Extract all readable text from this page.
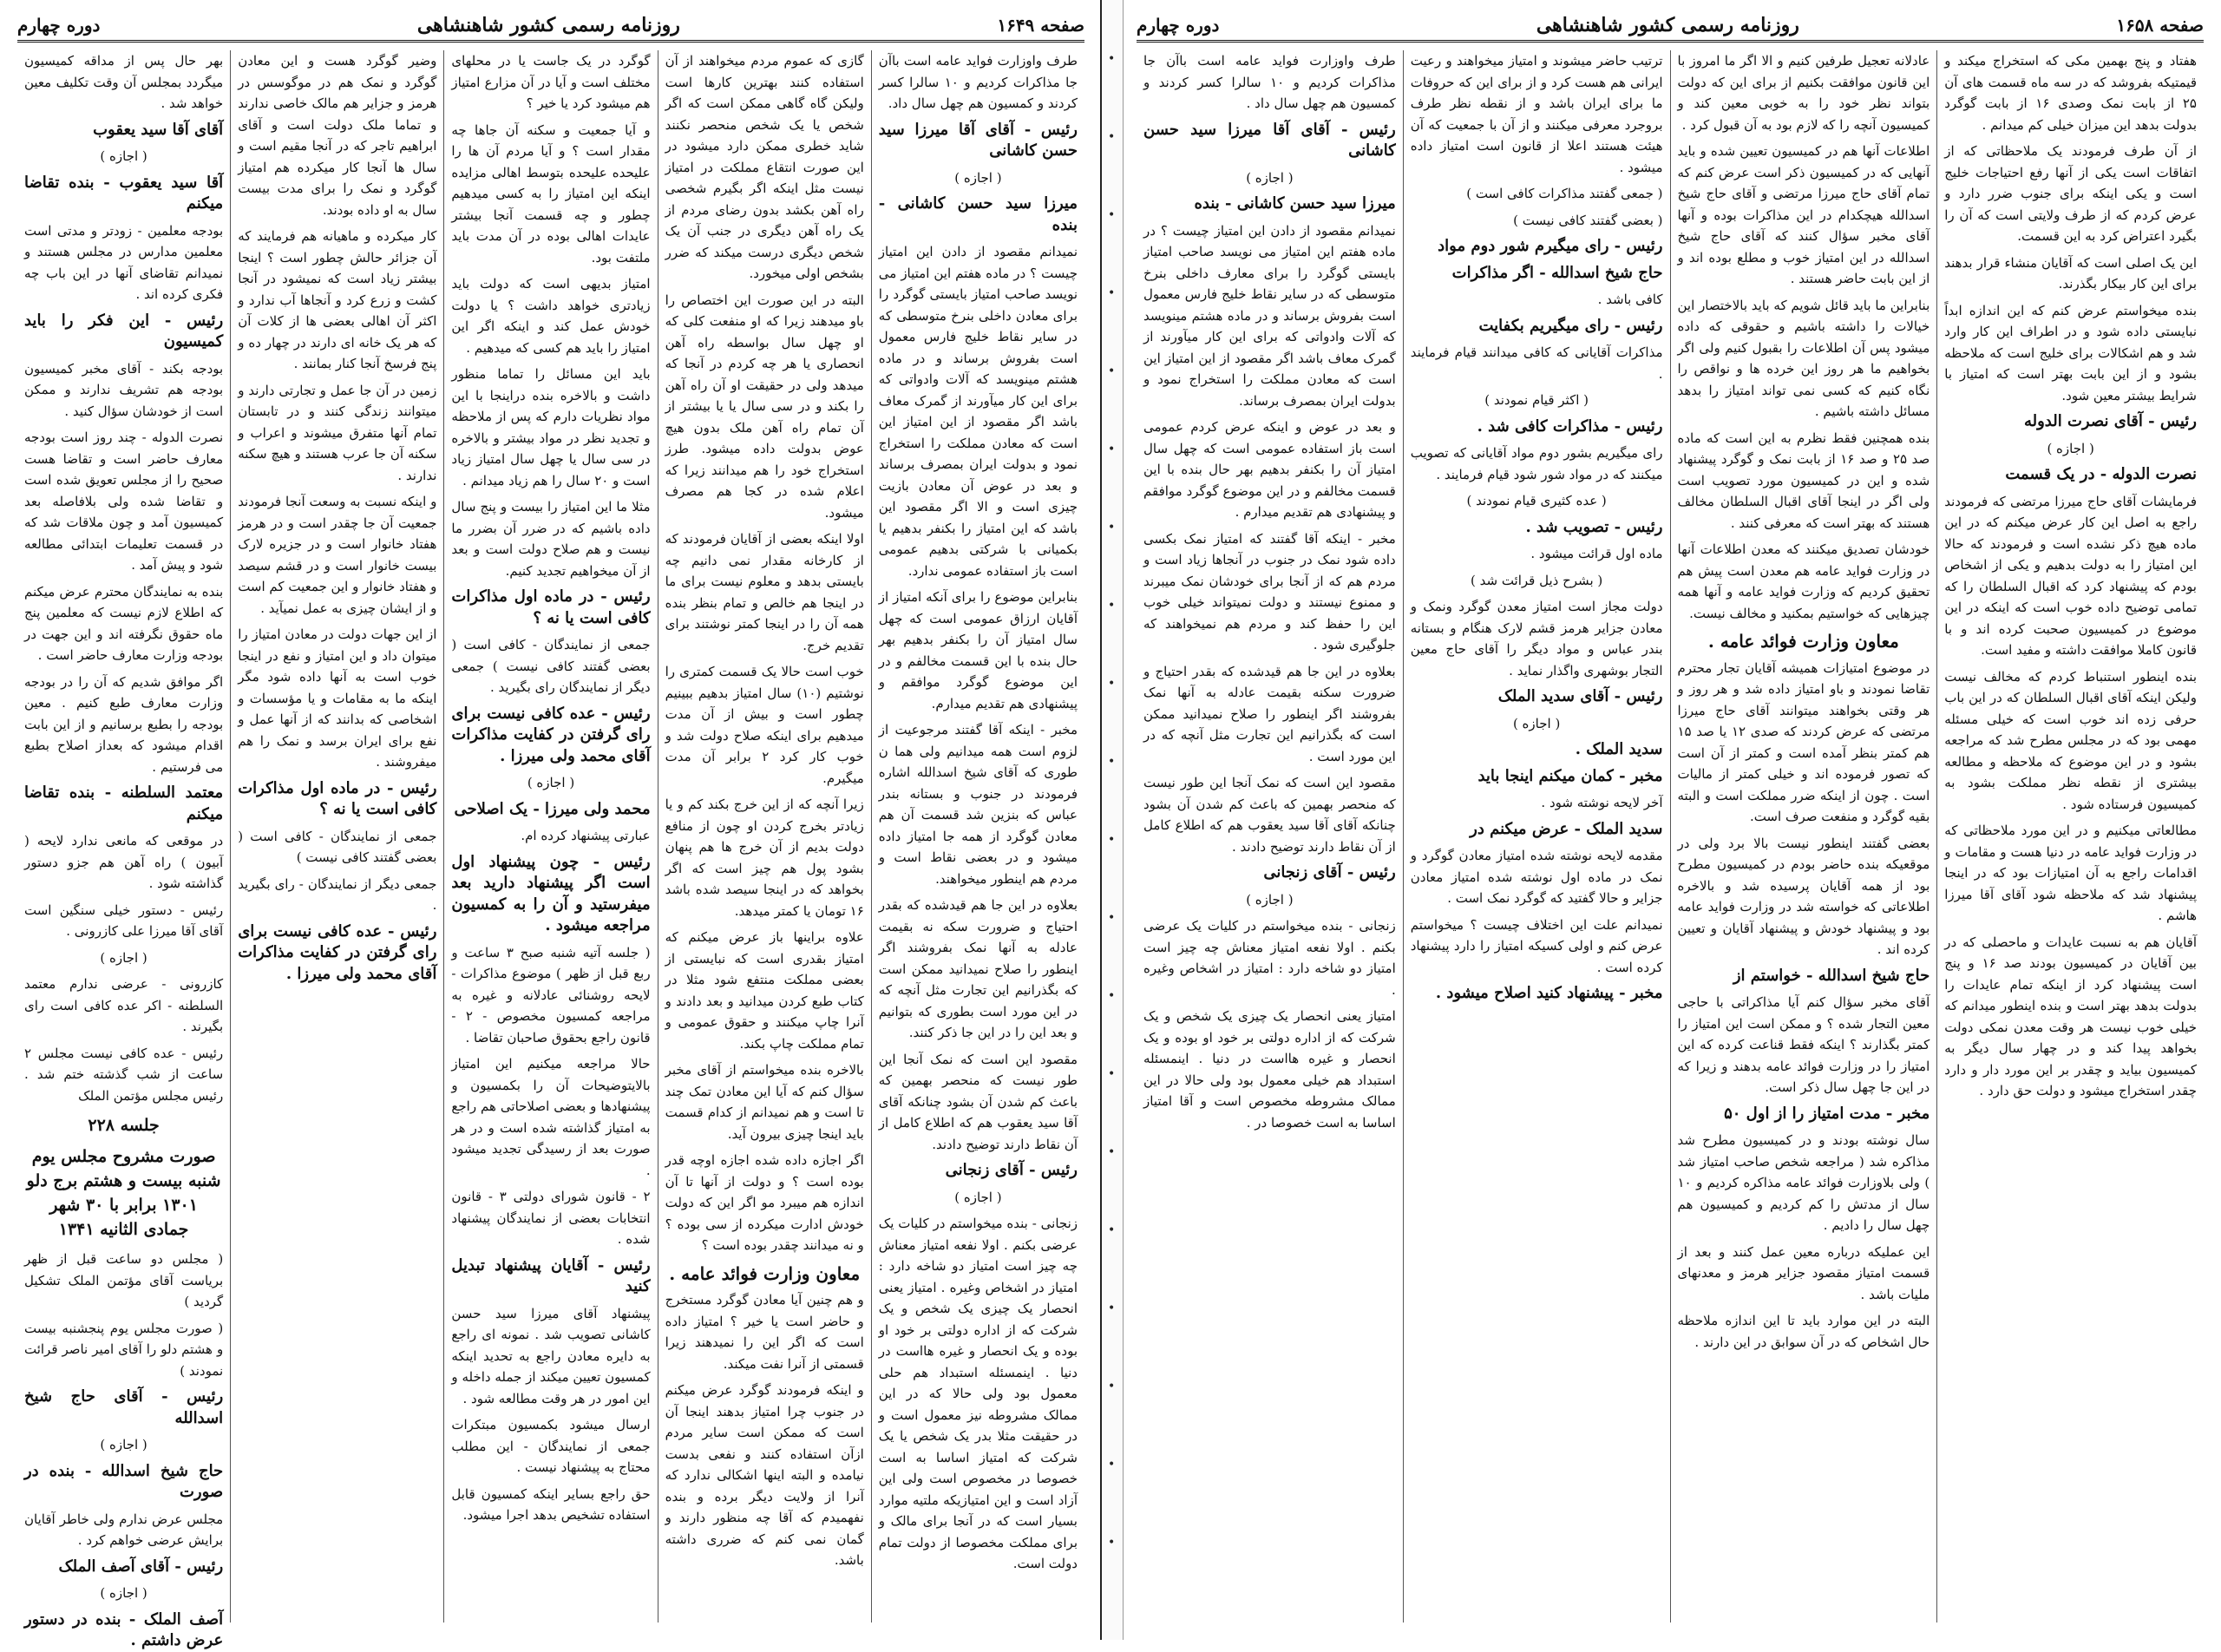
صفحه ۱۶۴۹
روزنامه رسمی کشور شاهنشاهی
دوره چهارم

طرف واوزارت فواید عامه است باآن جا مذاکرات کردیم و ۱۰ سالرا کسر کردند و کمسیون هم چهل سال داد.

رئیس - آقای آقا میرزا سید حسن کاشانی

( اجازه )

میرزا سید حسن کاشانی - بنده

نمیدانم مقصود از دادن این امتیاز چیست ؟ در ماده هفتم این امتیاز می نویسد صاحب امتیاز بایستی گوگرد را برای معادن داخلی بنرخ متوسطی که در سایر نقاط خلیج فارس معمول است بفروش برساند و در ماده هشتم مینویسد که آلات وادواتی که برای این کار میآورند از گمرک معاف باشد اگر مقصود از این امتیاز این است که معادن مملکت را استخراج نمود و بدولت ایران بمصرف برساند و بعد در عوض آن معادن بازیت چیزی است و الا اگر مقصود این باشد که این امتیاز را بکنفر بدهیم یا بکمیانی با شرکتی بدهیم عمومی است باز استفاده عمومی ندارد.

بنابراین موضوع را برای آنکه امتیاز از آقایان ارزاق عمومی است که چهل سال امتیاز آن را بکنفر بدهیم بهر حال بنده با این قسمت مخالفم و در این موضوع گوگرد موافقم و پیشنهادی هم تقدیم میدارم.

مخبر - اینکه آقا گفتند مرجوعیت از لزوم است همه میدانیم ولی هما ن طوری که آقای شیخ اسدالله اشاره فرمودند در جنوب و بستانه بندر عباس که بنزین شد قسمت آن هم معادن گوگرد از همه جا امتیاز داده میشود و در بعضی نقاط است و مردم هم اینطور میخواهند.

بعلاوه در این جا هم قیدشده که بقدر احتیاج و ضرورت سکه نه بقیمت عادله به آنها نمک بفروشند اگر اینطور را صلاح نمیدانید ممکن است که بگذرانیم این تجارت مثل آنچه که در این مورد است بطوری که بتوانیم و بعد این را در این جا ذکر کنند.

مقصود این است که نمک آنجا این طور نیست که منحصر بهمین که باعث کم شدن آن بشود چنانکه آقای آقا سید یعقوب هم که اطلاع کامل از آن نقاط دارند توضیح دادند.

رئیس - آقای زنجانی

( اجازه )

زنجانی - بنده میخواستم در کلیات یک عرضی بکنم . اولا نفعه امتیاز معناش چه چیز است امتیاز دو شاخه دارد : امتیاز در اشخاص وغیره . امتیاز یعنی انحصار یک چیزی یک شخص و یک شرکت که از اداره دولتی بر خود او بوده و یک انحصار و غیره هااست در دنیا . اینمسئله استبداد هم حلی معمول بود ولی حالا که در این ممالک مشروطه نیز معمول است و در حقیقت مثلا بدر یک شخص یا یک شرکت که امتیاز اساسا به است خصوصا در مخصوص است ولی این آزاد است و این امتیازیکه ملتیه موارد بسیار است که در آنجا برای مالک و برای مملکت مخصوصا از دولت تمام دولت است.

گازی که عموم مردم میخواهند از آن استفاده کنند بهترین کارها است ولیکن گاه گاهی ممکن است که اگر شخص یا یک شخص منحصر نکنند شاید خطری ممکن دارد میشود در این صورت انتقاع مملکت در امتیاز نیست مثل اینکه اگر بگیرم شخصی راه آهن بکشد بدون رضای مردم از یک راه آهن دیگری در جنب آن یک شخص دیگری درست میکند که ضرر بشخص اولی میخورد.

البته در این صورت این اختصاص را باو میدهند زیرا که او منفعت کلی که او چهل سال بواسطه راه آهن انحصاری یا هر چه کردم در آنجا که میدهد ولی در حقیقت او آن راه آهن را بکند و در سی سال یا یا بیشتر از آن تمام راه آهن ملک بدون هیچ عوض بدولت داده میشود. طرز استخراج خود را هم میدانند زیرا که اعلام شده در کجا هم مصرف میشود.

اولا اینکه بعضی از آقایان فرمودند که از کارخانه مقدار نمی دانیم چه بایستی بدهد و معلوم نیست برای ما در اینجا هم خالص و تمام بنظر بنده همه آن را در اینجا کمتر نوشتند برای تقدیم خرج.

خوب است حالا یک قسمت کمتری را نوشتیم (۱۰) سال امتیاز بدهیم ببینیم چطور است و بیش از آن مدت میدهیم برای اینکه صلاح دولت شد و خوب کار کرد ۲ برابر آن مدت میگیرم.

زیرا آنچه که از این خرج بکند کم و یا زیادتر بخرج کردن او چون از منافع دولت بدیم از آن خرج ها هم پنهان بشود پول هم چیز است که اگر بخواهد که در اینجا سیصد شده باشد ۱۶ تومان یا کمتر میدهد.

علاوه براینها باز عرض میکنم که امتیاز بقدری است که نبایستی از بعضی مملکت منتفع شود مثلا در کتاب طبع کردن میدانید و بعد دادند و آنرا چاپ میکنند و حقوق عمومی و تمام مملکت چاپ بکند.

بالاخره بنده میخواستم از آقای مخبر سؤال کنم که آیا این معادن تمک چند تا است و هم نمیدانم از کدام قسمت باید اینجا چیزی بیرون آید.

اگر اجازه داده شده اجازه اوچه قدر بوده است ؟ و دولت از آنها تا آن اندازه هم میبرد مو اگر این که دولت خودش ادارت میکرده از سی بوده ؟ و نه میدانند چقدر بوده است ؟

معاون وزارت فوائد عامه .

و هم چنین آیا معادن گوگرد مستخرج و حاضر است یا خیر ؟ امتیاز داده است که اگر این را نمیدهند زیرا قسمتی از آنرا نفت میکند.

و اینکه فرمودند گوگرد عرض میکنم در جنوب چرا امتیاز بدهند اینجا آن است که ممکن است سایر مردم ازآن استفاده کنند و نفعی بدست نیامده و البته اینها اشکالی ندارد که آنرا از ولایت دیگر برده و بنده نفهمیدم که آقا چه منظور دارند و گمان نمی کنم که ضرری داشته باشد.

گوگرد در یک جاست یا در محلهای مختلف است و آیا در آن مزارع امتیاز هم میشود کرد یا خیر ؟

و آیا جمعیت و سکنه آن جاها چه مقدار است ؟ و آیا مردم آن ها را علیحده علیحده بتوسط اهالی مزایده اینکه این امتیاز را به کسی میدهیم چطور و چه قسمت آنجا بیشتر عایدات اهالی بوده در آن مدت باید ملتفت بود.

امتیاز بدیهی است که دولت باید زیادتری خواهد داشت ؟ یا دولت خودش عمل کند و اینکه اگر این امتیاز را باید هم کسی که میدهیم .

باید این مسائل را تماما منظور داشت و بالاخره بنده دراینجا با این مواد نظریات دارم که پس از ملاحظه و تجدید نظر در مواد بیشتر و بالاخره در سی سال یا چهل سال امتیاز زیاد است و ۲۰ سال را هم زیاد میدانم .

مثلا ما این امتیاز را بیست و پنج سال داده باشیم که در ضرر آن بضرر ما نیست و هم صلاح دولت است و بعد از آن میخواهیم تجدید کنیم.

رئیس - در ماده اول مذاکرات کافی است یا نه ؟

جمعی از نمایندگان - کافی است ( بعضی گفتند کافی نیست ) جمعی دیگر از نمایندگان رای بگیرید .

رئیس - عده کافی نیست برای رای گرفتن در کفایت مذاکرات آقای محمد ولی میرزا .

( اجازه )

محمد ولی میرزا - یک اصلاحی

عبارتی پیشنهاد کرده ام.

رئیس - چون پیشنهاد اول است اگر پیشنهاد دارید بعد میفرستید و آن را به کمسیون مراجعه میشود .

( جلسه آتیه شنبه صبح ۳ ساعت و ربع قبل از ظهر ) موضوع مذاکرات - لایحه روشنائی عادلانه و غیره به مراجعه کمسیون مخصوص - ۲ - قانون راجع بحقوق صاحبان تقاضا .

حالا مراجعه میکنیم این امتیاز بالایتوضیحات آن را بکمسیون و پیشنهادها و بعضی اصلاحاتی هم راجع به امتیاز گذاشته شده است و در هر صورت بعد از رسیدگی تجدید میشود .

۲ - قانون شورای دولتی ۳ - قانون انتخابات بعضی از نمایندگان پیشنهاد شده .

رئیس - آقایان پیشنهاد تبدیل کنید

پیشنهاد آقای میرزا سید حسن کاشانی تصویب شد . نمونه ای راجع به دایره معادن راجع به تحدید اینکه کمسیون تعیین میکند از جمله داخله و این امور در هر وقت مطالعه شود .

ارسال میشود بکمسیون مبتکرات جمعی از نمایندگان - این مطلب محتاج به پیشنهاد نیست .

حق راجع بسایر اینکه کمسیون قابل استفاده تشخیص بدهد اجرا میشود.

وضیر گوگرد هست و این معادن گوگرد و نمک هم در موگوسس در هرمز و جزایر هم مالک خاصی ندارند و تماما ملک دولت است و آقای ابراهیم تاجر که در آنجا مقیم است و سال ها آنجا کار میکرده هم امتیاز گوگرد و نمک را برای مدت بیست سال به او داده بودند.

کار میکرده و ماهیانه هم فرمایند که آن جزائر حالش چطور است ؟ اینجا بیشتر زیاد است که نمیشود در آنجا کشت و زرع کرد و آنجاها آب ندارد و اکثر آن اهالی بعضی ها از کلات آن که هر یک خانه ای دارند در چهار ده و پنج فرسخ آنجا کنار بمانند .

زمین در آن جا عمل و تجارتی دارند و میتوانند زندگی کنند و در تابستان تمام آنها متفرق میشوند و اعراب و سکنه آن جا عرب هستند و هیچ سکنه ندارند .

و اینکه نسبت به وسعت آنجا فرمودند جمعیت آن جا چقدر است و در هرمز هفتاد خانوار است و در جزیره لارک بیست خانوار است و در قشم سیصد و هفتاد خانوار و این جمعیت کم است و از ایشان چیزی به عمل نمیآید .

از این جهات دولت در معادن امتیاز را میتوان داد و این امتیاز و نفع در اینجا خوب است به آنها داده شود مگر اینکه ما به مقامات و یا مؤسسات و اشخاصی که بدانند که از آنها عمل و نفع برای ایران برسد و نمک را هم میفروشند .

رئیس - در ماده اول مذاکرات کافی است یا نه ؟

جمعی از نمایندگان - کافی است ( بعضی گفتند کافی نیست )

جمعی دیگر از نمایندگان - رای بگیرید .

رئیس - عده کافی نیست برای رای گرفتن در کفایت مذاکرات آقای محمد ولی میرزا .

بهر حال پس از مداقه کمیسیون میگردد بمجلس آن وقت تکلیف معین خواهد شد .

آقای آقا سید یعقوب

( اجازه )

آقا سید یعقوب - بنده تقاضا میکنم

بودجه معلمین - زودتر و مدتی است معلمین مدارس در مجلس هستند و نمیدانم تقاضای آنها در این باب چه فکری کرده اند .

رئیس - این فکر را باید کمیسیون

بودجه بکند - آقای مخبر کمیسیون بودجه هم تشریف ندارند و ممکن است از خودشان سؤال کنید .

نصرت الدوله - چند روز است بودجه معارف حاضر است و تقاضا هست صحیح را از مجلس تعویق شده است و تقاضا شده ولی بلافاصله بعد کمیسیون آمد و چون ملاقات شد که در قسمت تعلیمات ابتدائی مطالعه شود و پیش آمد .

بنده به نمایندگان محترم عرض میکنم که اطلاع لازم نیست که معلمین پنج ماه حقوق نگرفته اند و این جهت در بودجه وزارت معارف حاضر است .

اگر موافق شدیم که آن را در بودجه وزارت معارف طبع کنیم . معین بودجه را بطبع برسانیم و از این بابت اقدام میشود که بعداز اصلاح بطبع می فرستیم .

معتمد السلطنه - بنده تقاضا میکنم

در موقعی که مانعی ندارد لایحه ( آبیون ) راه آهن هم جزو دستور گذاشته شود .

رئیس - دستور خیلی سنگین است آقای آقا میرزا علی کازرونی .

( اجازه )

کازرونی - عرضی ندارم معتمد السلطنه - اکر عده کافی است رای بگیرند .

رئیس - عده کافی نیست مجلس ۲ ساعت از شب گذشته ختم شد . رئیس مجلس مؤتمن الملک

جلسه ۲۲۸
صورت مشروح مجلس یوم شنبه بیست و هشتم برج دلو ۱۳۰۱ برابر با ۳۰ شهر جمادی الثانیه ۱۳۴۱

( مجلس دو ساعت قبل از ظهر بریاست آقای مؤتمن الملک تشکیل گردید )

( صورت مجلس یوم پنجشنبه بیست و هشتم دلو را آقای امیر ناصر قرائت نمودند )

رئیس - آقای حاج شیخ اسدالله

( اجازه )

حاج شیخ اسدالله - بنده در صورت

مجلس عرض ندارم ولی خاطر آقایان برایش عرضی خواهم کرد .

رئیس - آقای آصف الملک

( اجازه )

آصف الملک - بنده در دستور عرض داشتم .

•
•
•
•
•
•
•
•
•
•
•
•
•
•
•
•
•
•
•
•
صفحه ۱۶۵۸
روزنامه رسمی کشور شاهنشاهی
دوره چهارم

هفتاد و پنج بهمین مکی که استخراج میکند و قیمتیکه بفروشد که در سه ماه قسمت های آن ۲۵ از بابت نمک وصدی ۱۶ از بابت گوگرد بدولت بدهد این میزان خیلی کم میدانم .

از آن طرف فرمودند یک ملاحظاتی که از اتفاقات است یکی از آنها رفع احتیاجات خلیج است و یکی اینکه برای جنوب ضرر دارد و عرض کردم که از طرف ولایتی است که آن را بگیرد اعتراض کرد به این قسمت.

این یک اصلی است که آقایان منشاء قرار بدهند برای این کار بیکار بگذرند.

بنده میخواستم عرض کنم که این اندازه ابداً نبایستی داده شود و در اطراف این کار وارد شد و هم اشکالات برای خلیج است که ملاحظه بشود و از این بابت بهتر است که امتیاز با شرایط بیشتر معین شود.

رئیس - آقای نصرت الدوله

( اجازه )

نصرت الدوله - در یک قسمت

فرمایشات آقای حاج میرزا مرتضی که فرمودند راجع به اصل این کار عرض میکنم که در این ماده هیچ ذکر نشده است و فرمودند که حالا این امتیاز را به دولت بدهیم و یکی از اشخاص بودم که پیشنهاد کرد که اقبال السلطان را که تمامی توضیح داده خوب است که اینکه در این موضوع در کمیسیون صحبت کرده اند و با قانون کاملا موافقت داشته و مفید است.

بنده اینطور استنباط کردم که مخالف نیست ولیکن اینکه آقای اقبال السلطان که در این باب حرفی زده اند خوب است که خیلی مسئله مهمی بود که در مجلس مطرح شد که مراجعه بشود و در این موضوع که ملاحظه و مطالعه بیشتری از نقطه نظر مملکت بشود به کمیسیون فرستاده شود .

مطالعاتی میکنیم و در این مورد ملاحظاتی که در وزارت فواید عامه در دنیا هست و مقامات و اقدامات راجع به آن امتیازات بود که در اینجا پیشنهاد شد که ملاحظه شود آقای آقا میرزا هاشم .

آقایان هم به نسبت عایدات و ماحصلی که در بین آقایان در کمیسیون بودند صد ۱۶ و پنج است پیشنهاد کرد از اینکه تمام عایدات را بدولت بدهد بهتر است و بنده اینطور میدانم که خیلی خوب نیست هر وقت معدن نمکی دولت بخواهد پیدا کند و در چهار سال دیگر به کمیسیون بیاید و چقدر بر این مورد دار و دارد چقدر استخراج میشود و دولت حق دارد .

عادلانه تعجیل طرفین کنیم و الا اگر ما امروز با این قانون موافقت بکنیم از برای این که دولت بتواند نظر خود را به خوبی معین کند و کمیسیون آنچه را که لازم بود به آن قبول کرد .

اطلاعات آنها هم در کمیسیون تعیین شده و باید آنهایی که در کمیسیون ذکر است عرض کنم که تمام آقای حاج میرزا مرتضی و آقای حاج شیخ اسدالله هیچکدام در این مذاکرات بوده و آنها آقای مخبر سؤال کنند که آقای حاج شیخ اسدالله در این امتیاز خوب و مطلع بوده اند و از این بابت حاضر هستند .

بنابراین ما باید قائل شویم که باید بالاختصار این خیالات را داشته باشیم و حقوقی که داده میشود پس آن اطلاعات را بقبول کنیم ولی اگر بخواهیم ما هر روز این خرده ها و نواقص را نگاه کنیم که کسی نمی تواند امتیاز را بدهد مسائل داشته باشیم .

بنده همچنین فقط نظرم به این است که ماده صد ۲۵ و صد ۱۶ از بابت نمک و گوگرد پیشنهاد شده و این در کمیسیون مورد تصویب است ولی اگر در اینجا آقای اقبال السلطان مخالف هستند که بهتر است که معرفی کنند .

خودشان تصدیق میکنند که معدن اطلاعات آنها در وزارت فواید عامه هم معدن است پیش هم تحقیق کردیم که وزارت فواید عامه و آنها همه چیزهایی که خواستیم بمکنید و مخالف نیست.

معاون وزارت فوائد عامه .

در موضوع امتیازات همیشه آقایان تجار محترم تقاضا نمودند و باو امتیاز داده شد و هر روز و هر وقتی بخواهند میتوانند آقای حاج میرزا مرتضی که عرض کردند که صدی ۱۲ یا صد ۱۵ هم کمتر بنظر آمده است و کمتر از آن است که تصور فرموده اند و خیلی کمتر از مالیات است . چون از اینکه ضرر مملکت است و البته بقیه گوگرد و منفعت صرف است.

بعضی گفتند اینطور نیست بالا برد ولی در موقعیکه بنده حاضر بودم در کمیسیون مطرح بود از همه آقایان پرسیده شد و بالاخره اطلاعاتی که خواسته شد در وزارت فواید عامه بود و پیشنهاد خودش و پیشنهاد آقایان و تعیین کرده اند .

حاج شیخ اسدالله - خواستم از

آقای مخبر سؤال کنم آیا مذاکراتی با حاجی معین التجار شده ؟ و ممکن است این امتیاز را کمتر بگذارند ؟ اینکه فقط قناعت کرده که این امتیاز را در وزارت فوائد عامه بدهند و زیرا که در این جا چهل سال ذکر است.

مخبر - مدت امتیاز را از اول ۵۰

سال نوشته بودند و در کمیسیون مطرح شد مذاکره شد ( مراجعه شخص صاحب امتیاز شد ) ولی بلاوزارت فوائد عامه مذاکره کردیم و ۱۰ سال از مدتش را کم کردیم و کمیسیون هم چهل سال را دادیم .

این عملیکه درباره معین عمل کنند و بعد از قسمت امتیاز مقصود جزایر هرمز و معدنهای ملیات باشد .

البته در این موارد باید تا این اندازه ملاحظه حال اشخاص که در آن سوابق در این دارند .

ترتیب حاضر میشوند و امتیاز میخواهند و رعیت ایرانی هم هست کرد و از برای این که حروفات ما برای ایران باشد و از نقطه نظر طرف بروجرد معرفی میکنند و از آن با جمعیت که آن هیئت هستند اعلا از قانون است امتیاز داده میشود .

( جمعی گفتند مذاکرات کافی است )

( بعضی گفتند کافی نیست )

رئیس - رای میگیرم شور دوم مواد

حاج شیخ اسدالله - اگر مذاکرات

کافی باشد .

رئیس - رای میگیریم بکفایت

مذاکرات آقایانی که کافی میدانند قیام فرمایند .

( اکثر قیام نمودند )

رئیس - مذاکرات کافی شد .

رای میگیریم بشور دوم مواد آقایانی که تصویب میکنند که در مواد شور شود قیام فرمایند .

( عده کثیری قیام نمودند )

رئیس - تصویب شد .

ماده اول قرائت میشود .

( بشرح ذیل قرائت شد )

دولت مجاز است امتیاز معدن گوگرد ونمک و معادن جزایر هرمز قشم لارک هنگام و بستانه بندر عباس و مواد دیگر را آقای حاج معین التجار بوشهری واگذار نماید .

رئیس - آقای سدید الملک

( اجازه )

سدید الملک .

مخبر - کمان میکنم اینجا باید

آخر لایحه نوشته شود .

سدید الملک - عرض میکنم در

مقدمه لایحه نوشته شده امتیاز معادن گوگرد و نمک در ماده اول نوشته شده امتیاز معادن جزایر و حالا گفتید که گوگرد نمک است .

نمیدانم علت این اختلاف چیست ؟ میخواستم عرض کنم و اولی کسیکه امتیاز را دارد پیشنهاد کرده است .

مخبر - پیشنهاد کنید اصلاح میشود .

طرف واوزارت فواید عامه است باآن جا مذاکرات کردیم و ۱۰ سالرا کسر کردند و کمسیون هم چهل سال داد .

رئیس - آقای آقا میرزا سید حسن کاشانی

( اجازه )

میرزا سید حسن کاشانی - بنده

نمیدانم مقصود از دادن این امتیاز چیست ؟ در ماده هفتم این امتیاز می نویسد صاحب امتیاز بایستی گوگرد را برای معارف داخلی بنرخ متوسطی که در سایر نقاط خلیج فارس معمول است بفروش برساند و در ماده هشتم مینویسد که آلات وادواتی که برای این کار میآورند از گمرک معاف باشد اگر مقصود از این امتیاز این است که معادن مملکت را استخراج نمود و بدولت ایران بمصرف برساند.

و بعد در عوض و اینکه عرض کردم عمومی است باز استفاده عمومی است که چهل سال امتیاز آن را بکنفر بدهیم بهر حال بنده با این قسمت مخالفم و در این موضوع گوگرد موافقم و پیشنهادی هم تقدیم میدارم .

مخبر - اینکه آقا گفتند که امتیاز نمک بکسی داده شود نمک در جنوب در آنجاها زیاد است و مردم هم که از آنجا برای خودشان نمک میبرند و ممنوع نیستند و دولت نمیتواند خیلی خوب این را حفظ کند و مردم هم نمیخواهند که جلوگیری شود .

بعلاوه در این جا هم قیدشده که بقدر احتیاج و ضرورت سکنه بقیمت عادله به آنها نمک بفروشند اگر اینطور را صلاح نمیدانید ممکن است که بگذرانیم این تجارت مثل آنچه که در این مورد است .

مقصود این است که نمک آنجا این طور نیست که منحصر بهمین که باعث کم شدن آن بشود چنانکه آقای آقا سید یعقوب هم که اطلاع کامل از آن نقاط دارند توضیح دادند .

رئیس - آقای زنجانی

( اجازه )

زنجانی - بنده میخواستم در کلیات یک عرضی بکنم . اولا نفعه امتیاز معناش چه چیز است امتیاز دو شاخه دارد : امتیاز در اشخاص وغیره .

امتیاز یعنی انحصار یک چیزی یک شخص و یک شرکت که از اداره دولتی بر خود او بوده و یک انحصار و غیره هااست در دنیا . اینمسئله استبداد هم خیلی معمول بود ولی حالا در این ممالک مشروطه مخصوص است و آقا امتیاز اساسا به است خصوصا در .
